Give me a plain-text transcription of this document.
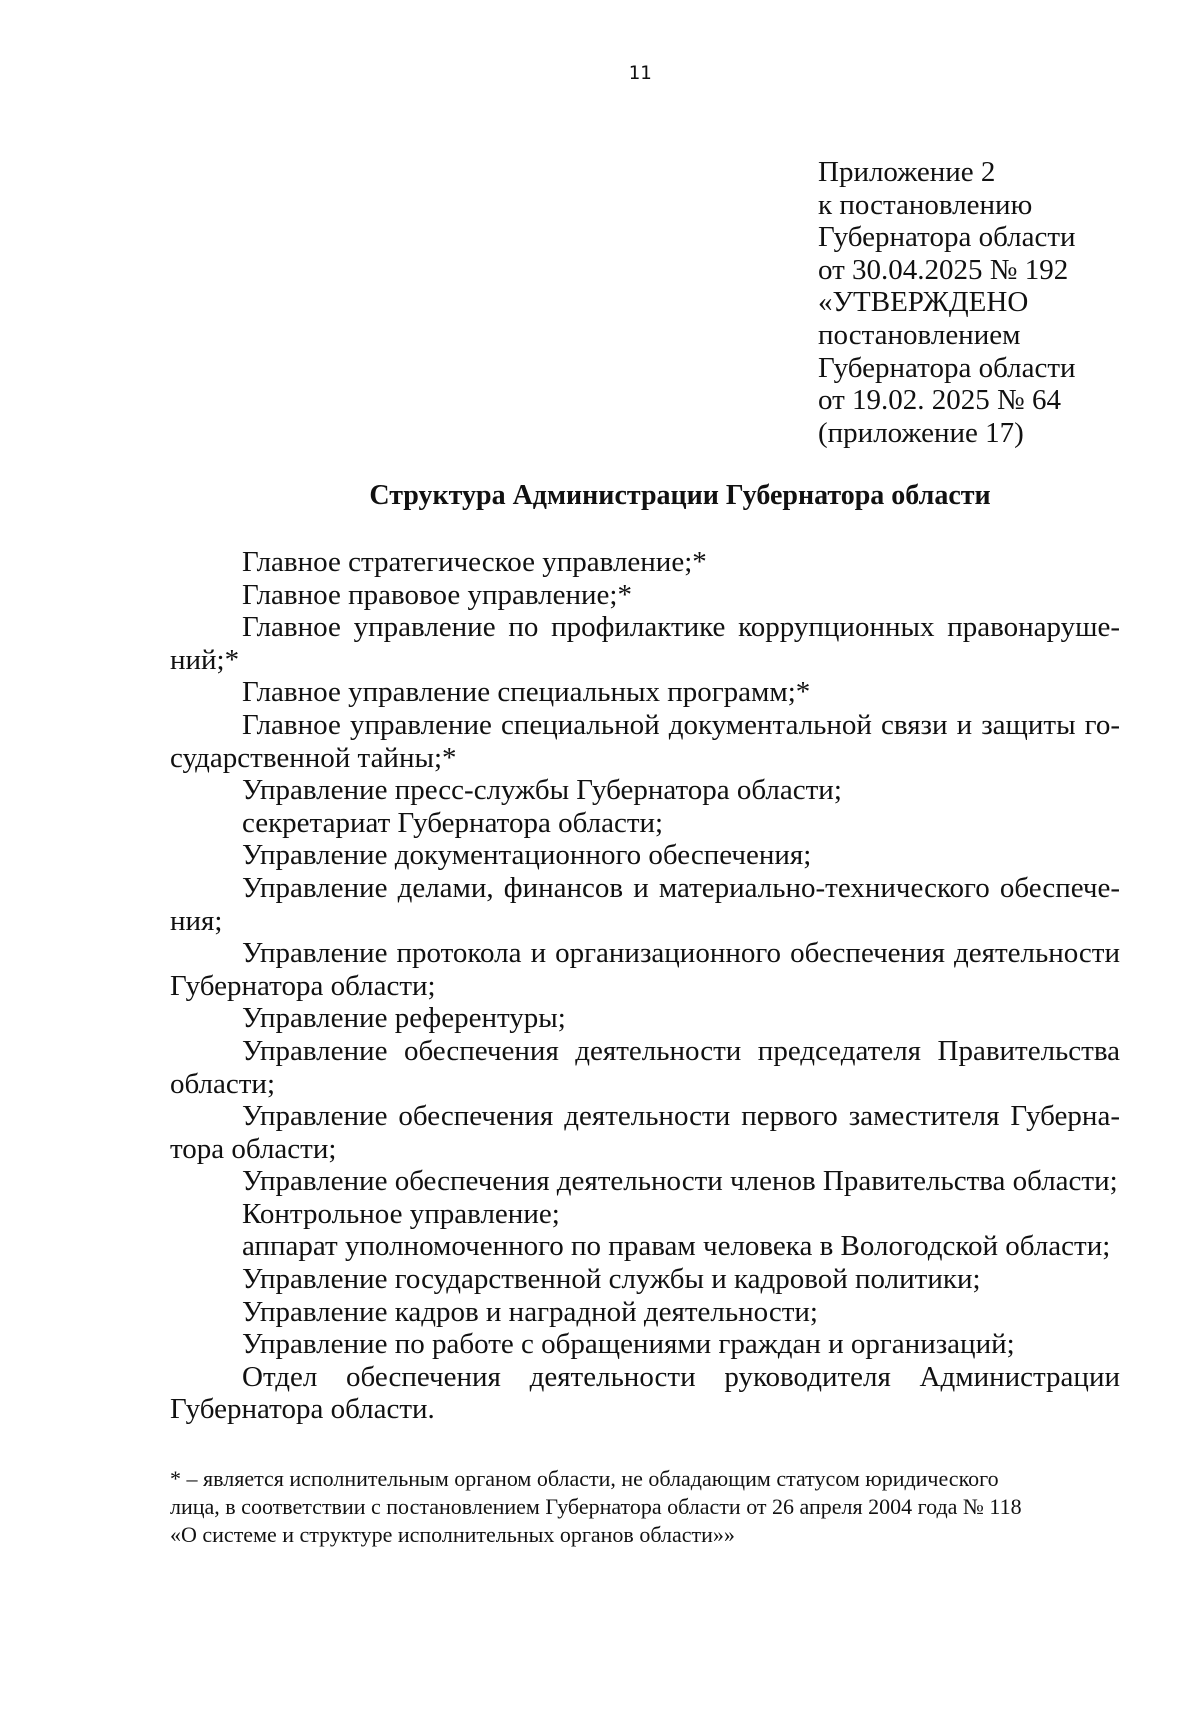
11
Приложение 2
к постановлению
Губернатора области
от 30.04.2025 № 192
«УТВЕРЖДЕНО
постановлением
Губернатора области
от 19.02. 2025 № 64
(приложение 17)
Структура Администрации Губернатора области
Главное стратегическое управление;*
Главное правовое управление;*
Главное управление по профилактике коррупционных правонарушений;*
Главное управление специальных программ;*
Главное управление специальной документальной связи и защиты государственной тайны;*
Управление пресс-службы Губернатора области;
секретариат Губернатора области;
Управление документационного обеспечения;
Управление делами, финансов и материально-технического обеспечения;
Управление протокола и организационного обеспечения деятельности Губернатора области;
Управление референтуры;
Управление обеспечения деятельности председателя Правительства области;
Управление обеспечения деятельности первого заместителя Губернатора области;
Управление обеспечения деятельности членов Правительства области;
Контрольное управление;
аппарат уполномоченного по правам человека в Вологодской области;
Управление государственной службы и кадровой политики;
Управление кадров и наградной деятельности;
Управление по работе с обращениями граждан и организаций;
Отдел обеспечения деятельности руководителя Администрации Губернатора области.
* – является исполнительным органом области, не обладающим статусом юридического
лица, в соответствии с постановлением Губернатора области от 26 апреля 2004 года № 118
«О системе и структуре исполнительных органов области»»
